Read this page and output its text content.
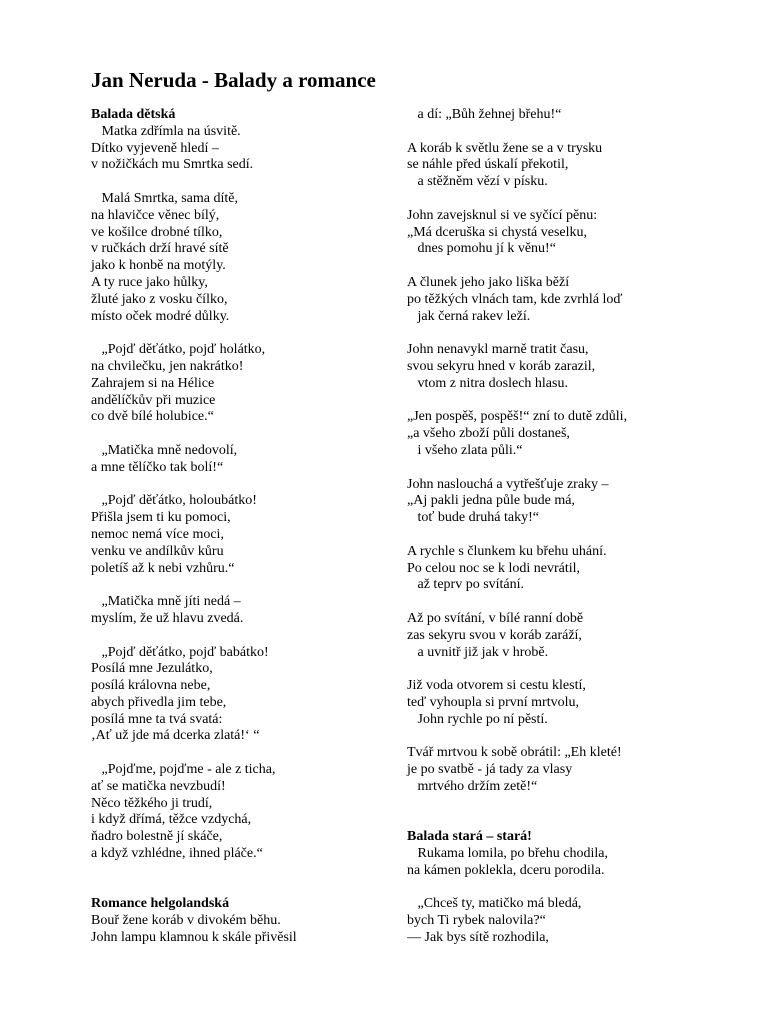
Jan Neruda - Balady a romance
Balada dětská
Matka zdřímla na úsvitě.
Dítko vyjeveně hledí –
v nožičkách mu Smrtka sedí.
Malá Smrtka, sama dítě,
na hlavičce věnec bílý,
ve košilce drobné tílko,
v ručkách drží hravé sítě
jako k honbě na motýly.
A ty ruce jako hůlky,
žluté jako z vosku čílko,
místo oček modré důlky.
„Pojď děťátko, pojď holátko,
na chvilečku, jen nakrátko!
Zahrajem si na Hélice
andělíčkův při muzice
co dvě bílé holubice.“
„Matička mně nedovolí,
a mne tělíčko tak bolí!“
„Pojď děťátko, holoubátko!
Přišla jsem ti ku pomoci,
nemoc nemá více moci,
venku ve andílkův kůru
poletíš až k nebi vzhůru.“
„Matička mně jíti nedá –
myslím, že už hlavu zvedá.
„Pojď děťátko, pojď babátko!
Posílá mne Jezulátko,
posílá královna nebe,
abych přivedla jim tebe,
posílá mne ta tvá svatá:
‚Ať už jde má dcerka zlatá!‘ “
„Pojďme, pojďme - ale z ticha,
ať se matička nevzbudí!
Něco těžkého ji trudí,
i když dřímá, těžce vzdychá,
ňadro bolestně jí skáče,
a když vzhlédne, ihned pláče.“
Romance helgolandská
Bouř žene koráb v divokém běhu.
John lampu klamnou k skále přivěsil
a dí: „Bůh žehnej břehu!“
A koráb k světlu žene se a v trysku
se náhle před úskalí překotil,
a stěžněm vězí v písku.
John zavejsknul si ve syčící pěnu:
„Má dceruška si chystá veselku,
dnes pomohu jí k věnu!“
A člunek jeho jako liška běží
po těžkých vlnách tam, kde zvrhlá loď
jak černá rakev leží.
John nenavykl marně tratit času,
svou sekyru hned v koráb zarazil,
vtom z nitra doslech hlasu.
„Jen pospěš, pospěš!“ zní to dutě zdůli,
„a všeho zboží půli dostaneš,
i všeho zlata půli.“
John naslouchá a vytřešťuje zraky –
„Aj pakli jedna půle bude má,
toť bude druhá taky!“
A rychle s člunkem ku břehu uhání.
Po celou noc se k lodi nevrátil,
až teprv po svítání.
Až po svítání, v bílé ranní době
zas sekyru svou v koráb zaráží,
a uvnitř již jak v hrobě.
Již voda otvorem si cestu klestí,
teď vyhoupla si první mrtvolu,
John rychle po ní pěstí.
Tvář mrtvou k sobě obrátil: „Eh kleté!
je po svatbě - já tady za vlasy
mrtvého držím zetě!“
Balada stará – stará!
Rukama lomila, po břehu chodila,
na kámen poklekla, dceru porodila.
„Chceš ty, matičko má bledá,
bych Ti rybek nalovila?“
— Jak bys sítě rozhodila,
